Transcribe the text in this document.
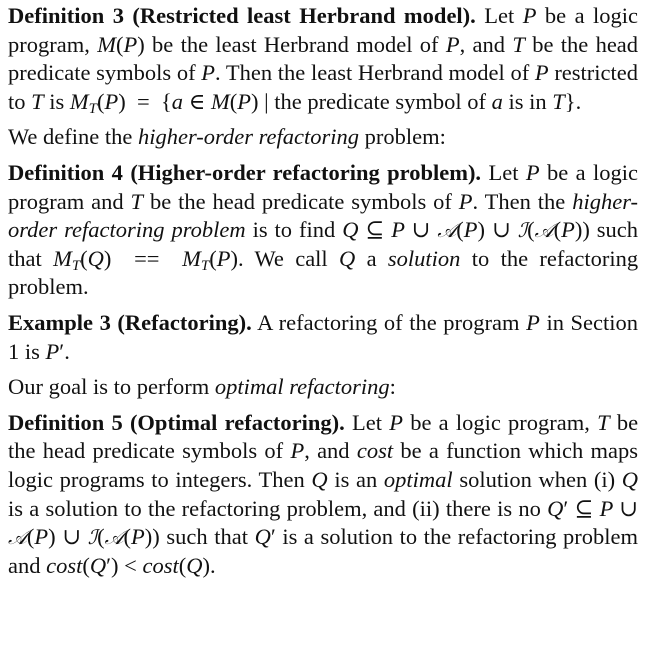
Definition 3 (Restricted least Herbrand model). Let P be a logic program, M(P) be the least Herbrand model of P, and T be the head predicate symbols of P. Then the least Herbrand model of P restricted to T is $M_T(P) = \{a$ ∈ M(P) | the predicate symbol of a is in T}.

We define the higher-order refactoring problem:

Definition 4 (Higher-order refactoring problem). Let P be a logic program and T be the head predicate symbols of P. Then the higher-order refactoring problem is to find Q ⊆ P ∪ 𝒜(P) ∪ ℐ(𝒜(P)) such that $M_T(Q) == M_T(P)$. We call Q a solution to the refactoring problem.

Example 3 (Refactoring). A refactoring of the program P in Section 1 is P′.

Our goal is to perform optimal refactoring:

Definition 5 (Optimal refactoring). Let P be a logic program, T be the head predicate symbols of P, and cost be a function which maps logic programs to integers. Then Q is an optimal solution when (i) Q is a solution to the refactoring problem, and (ii) there is no Q′ ⊆ P ∪ 𝒜(P) ∪ ℐ(𝒜(P)) such that Q′ is a solution to the refactoring problem and cost(Q′) < cost(Q).
